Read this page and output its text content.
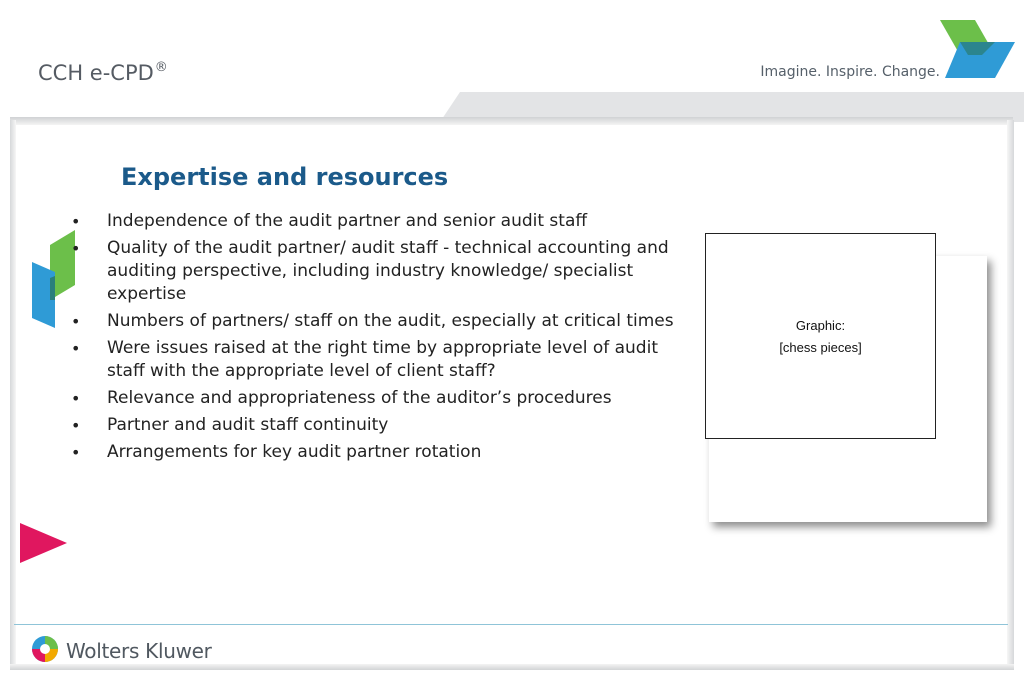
CCH e-CPD®	Imagine. Inspire. Change.
Expertise and resources
• Independence of the audit partner and senior audit staff
• Quality of the audit partner/ audit staff - technical accounting and auditing perspective, including industry knowledge/ specialist expertise
• Numbers of partners/ staff on the audit, especially at critical times
• Were issues raised at the right time by appropriate level of audit staff with the appropriate level of client staff?
• Relevance and appropriateness of the auditor’s procedures
• Partner and audit staff continuity
• Arrangements for key audit partner rotation
Graphic:
[chess pieces]
Wolters Kluwer
